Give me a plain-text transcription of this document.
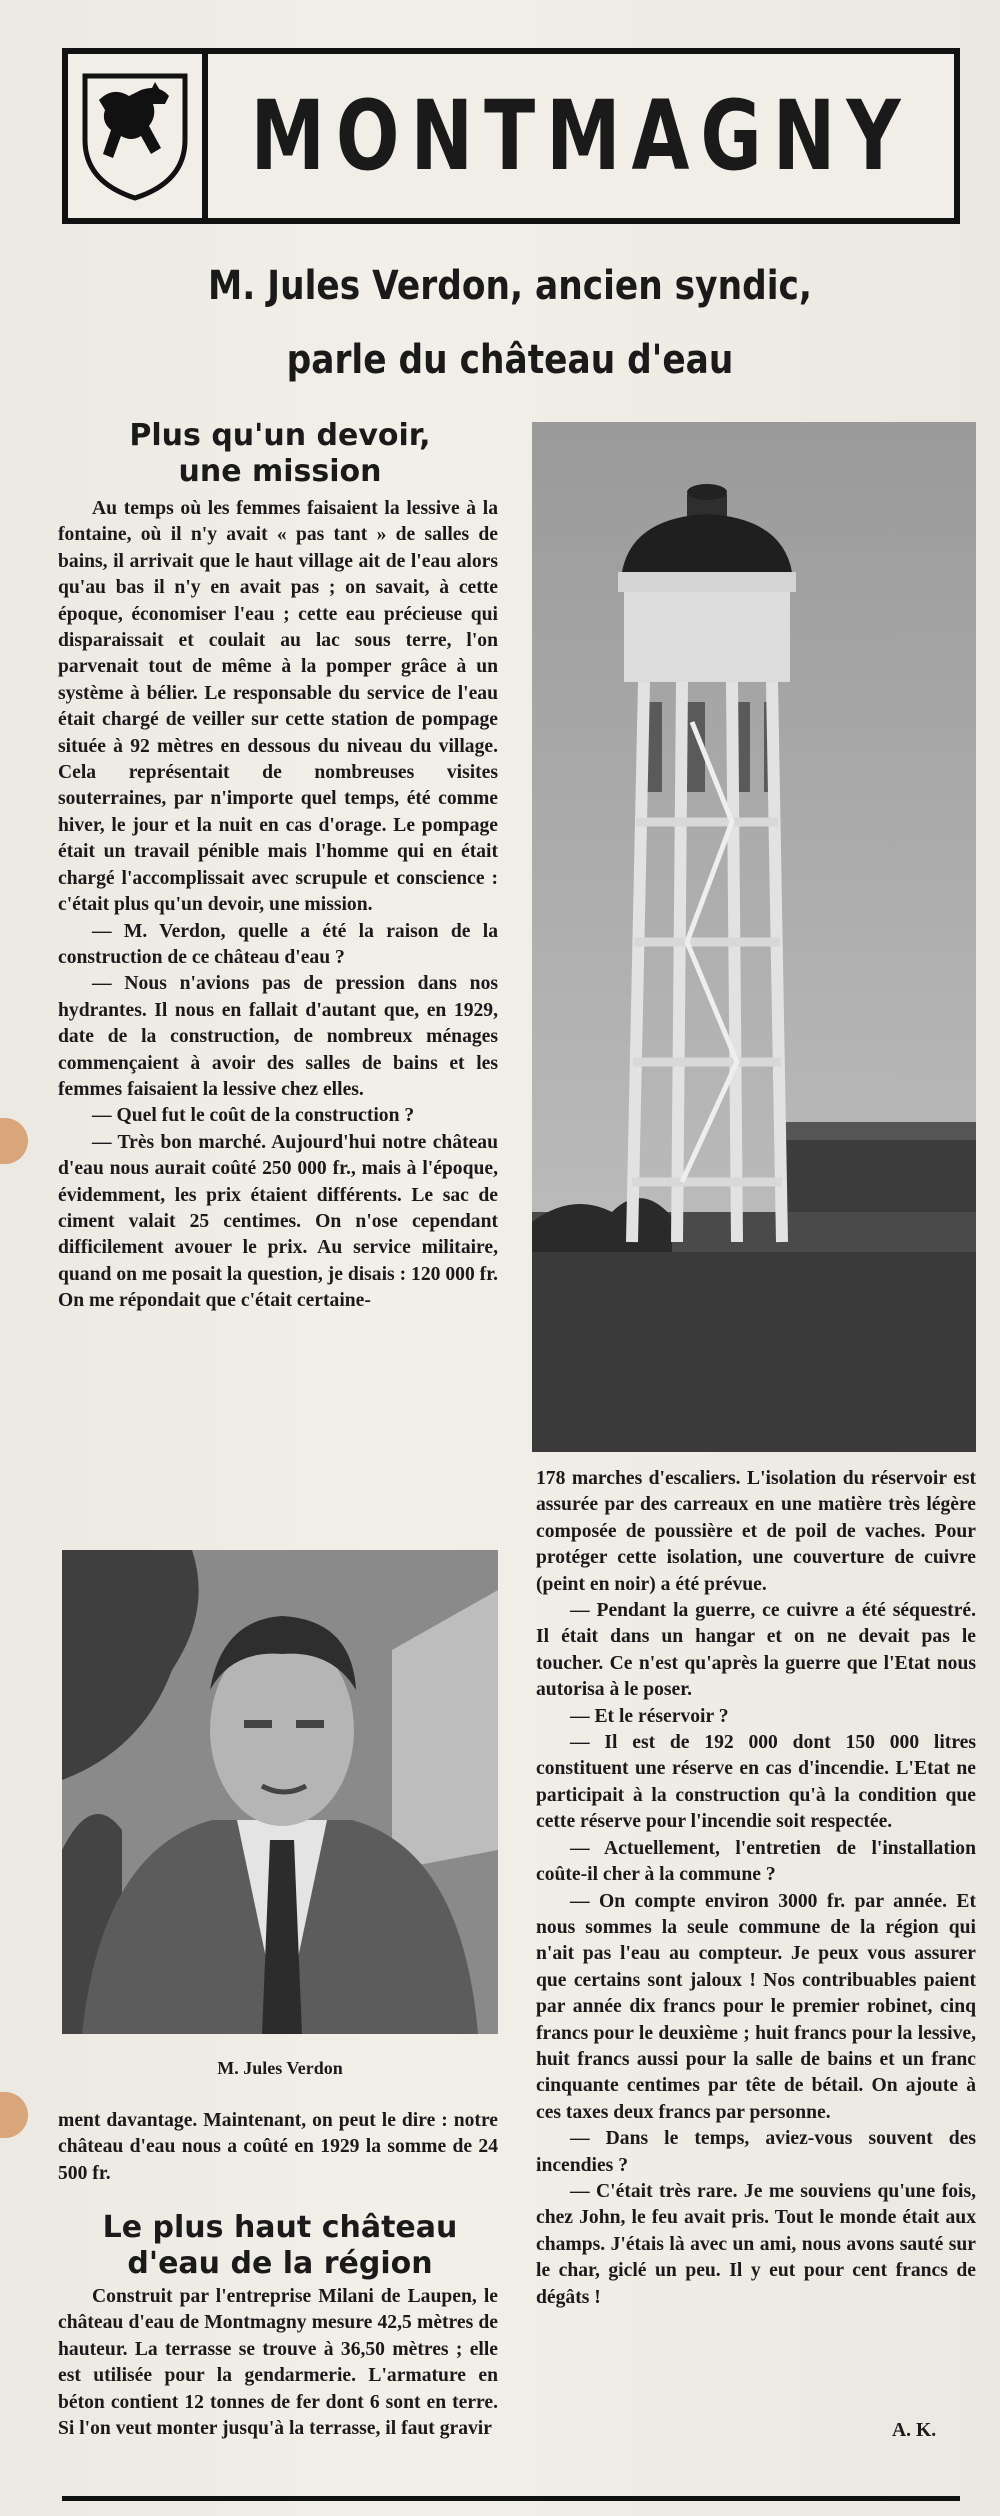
MONTMAGNY
M. Jules Verdon, ancien syndic,
parle du château d'eau
Plus qu'un devoir,
une mission

Au temps où les femmes faisaient la lessive à la fontaine, où il n'y avait « pas tant » de salles de bains, il arrivait que le haut village ait de l'eau alors qu'au bas il n'y en avait pas ; on savait, à cette époque, économiser l'eau ; cette eau précieuse qui disparaissait et coulait au lac sous terre, l'on parvenait tout de même à la pomper grâce à un système à bélier. Le responsable du service de l'eau était chargé de veiller sur cette station de pompage située à 92 mètres en dessous du niveau du village. Cela représentait de nombreuses visites souterraines, par n'importe quel temps, été comme hiver, le jour et la nuit en cas d'orage. Le pompage était un travail pénible mais l'homme qui en était chargé l'accomplissait avec scrupule et conscience : c'était plus qu'un devoir, une mission.

— M. Verdon, quelle a été la raison de la construction de ce château d'eau ?

— Nous n'avions pas de pression dans nos hydrantes. Il nous en fallait d'autant que, en 1929, date de la construction, de nombreux ménages commençaient à avoir des salles de bains et les femmes faisaient la lessive chez elles.

— Quel fut le coût de la construction ?

— Très bon marché. Aujourd'hui notre château d'eau nous aurait coûté 250 000 fr., mais à l'époque, évidemment, les prix étaient différents. Le sac de ciment valait 25 centimes. On n'ose cependant difficilement avouer le prix. Au service militaire, quand on me posait la question, je disais : 120 000 fr. On me répondait que c'était certaine-

178 marches d'escaliers. L'isolation du réservoir est assurée par des carreaux en une matière très légère composée de poussière et de poil de vaches. Pour protéger cette isolation, une couverture de cuivre (peint en noir) a été prévue.

— Pendant la guerre, ce cuivre a été séquestré. Il était dans un hangar et on ne devait pas le toucher. Ce n'est qu'après la guerre que l'Etat nous autorisa à le poser.

— Et le réservoir ?

— Il est de 192 000 dont 150 000 litres constituent une réserve en cas d'incendie. L'Etat ne participait à la construction qu'à la condition que cette réserve pour l'incendie soit respectée.

— Actuellement, l'entretien de l'installation coûte-il cher à la commune ?

— On compte environ 3000 fr. par année. Et nous sommes la seule commune de la région qui n'ait pas l'eau au compteur. Je peux vous assurer que certains sont jaloux ! Nos contribuables paient par année dix francs pour le premier robinet, cinq francs pour le deuxième ; huit francs pour la lessive, huit francs aussi pour la salle de bains et un franc cinquante centimes par tête de bétail. On ajoute à ces taxes deux francs par personne.

— Dans le temps, aviez-vous souvent des incendies ?

— C'était très rare. Je me souviens qu'une fois, chez John, le feu avait pris. Tout le monde était aux champs. J'étais là avec un ami, nous avons sauté sur le char, giclé un peu. Il y eut pour cent francs de dégâts !

A. K.
M. Jules Verdon

ment davantage. Maintenant, on peut le dire : notre château d'eau nous a coûté en 1929 la somme de 24 500 fr.

Le plus haut château
d'eau de la région

Construit par l'entreprise Milani de Laupen, le château d'eau de Montmagny mesure 42,5 mètres de hauteur. La terrasse se trouve à 36,50 mètres ; elle est utilisée pour la gendarmerie. L'armature en béton contient 12 tonnes de fer dont 6 sont en terre. Si l'on veut monter jusqu'à la terrasse, il faut gravir
